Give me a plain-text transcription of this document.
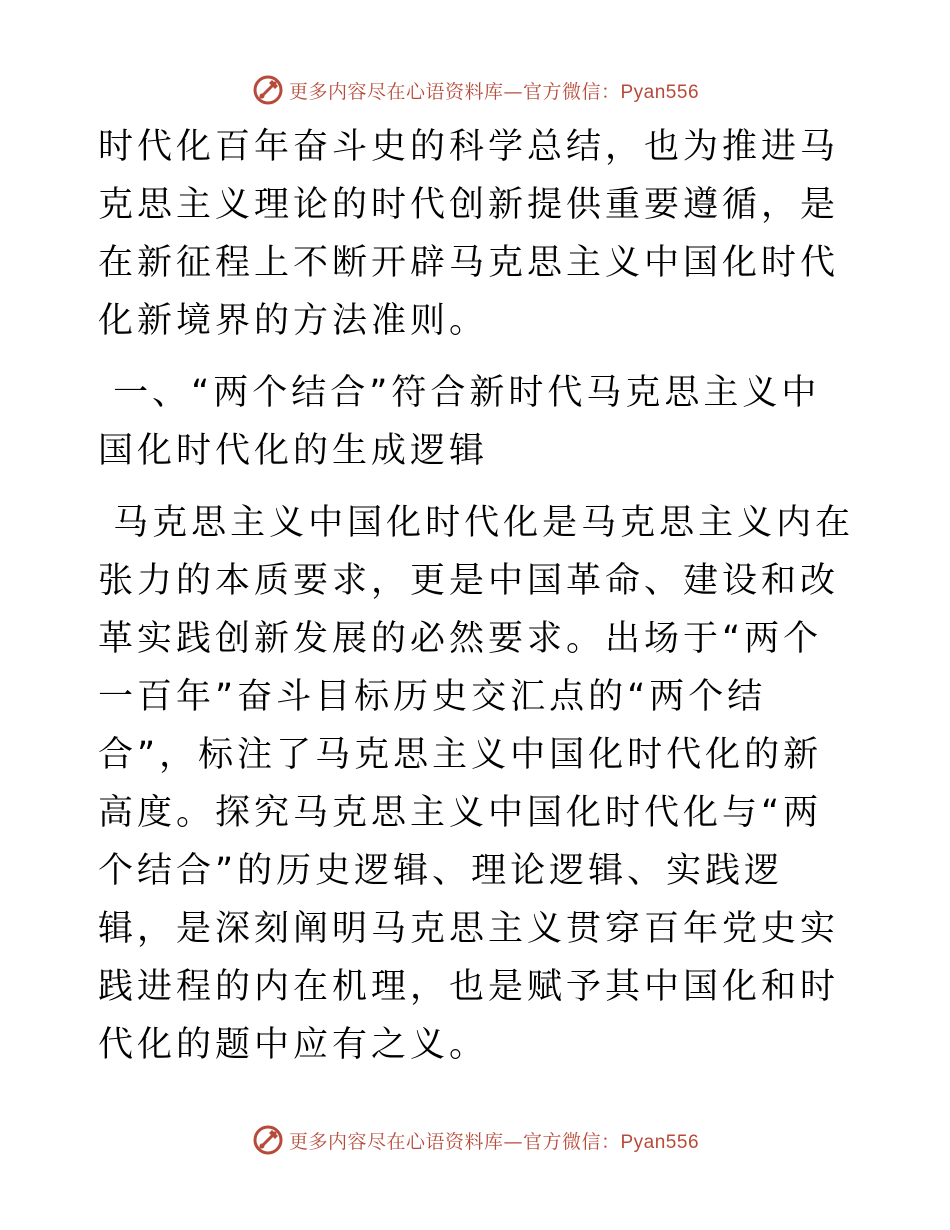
更多内容尽在心语资料库—官方微信：Pyan556

时代化百年奋斗史的科学总结，也为推进马克思主义理论的时代创新提供重要遵循，是在新征程上不断开辟马克思主义中国化时代化新境界的方法准则。

一、“两个结合”符合新时代马克思主义中国化时代化的生成逻辑

马克思主义中国化时代化是马克思主义内在张力的本质要求，更是中国革命、建设和改革实践创新发展的必然要求。出场于“两个一百年”奋斗目标历史交汇点的“两个结合”，标注了马克思主义中国化时代化的新高度。探究马克思主义中国化时代化与“两个结合”的历史逻辑、理论逻辑、实践逻辑，是深刻阐明马克思主义贯穿百年党史实践进程的内在机理，也是赋予其中国化和时代化的题中应有之义。

更多内容尽在心语资料库—官方微信：Pyan556
